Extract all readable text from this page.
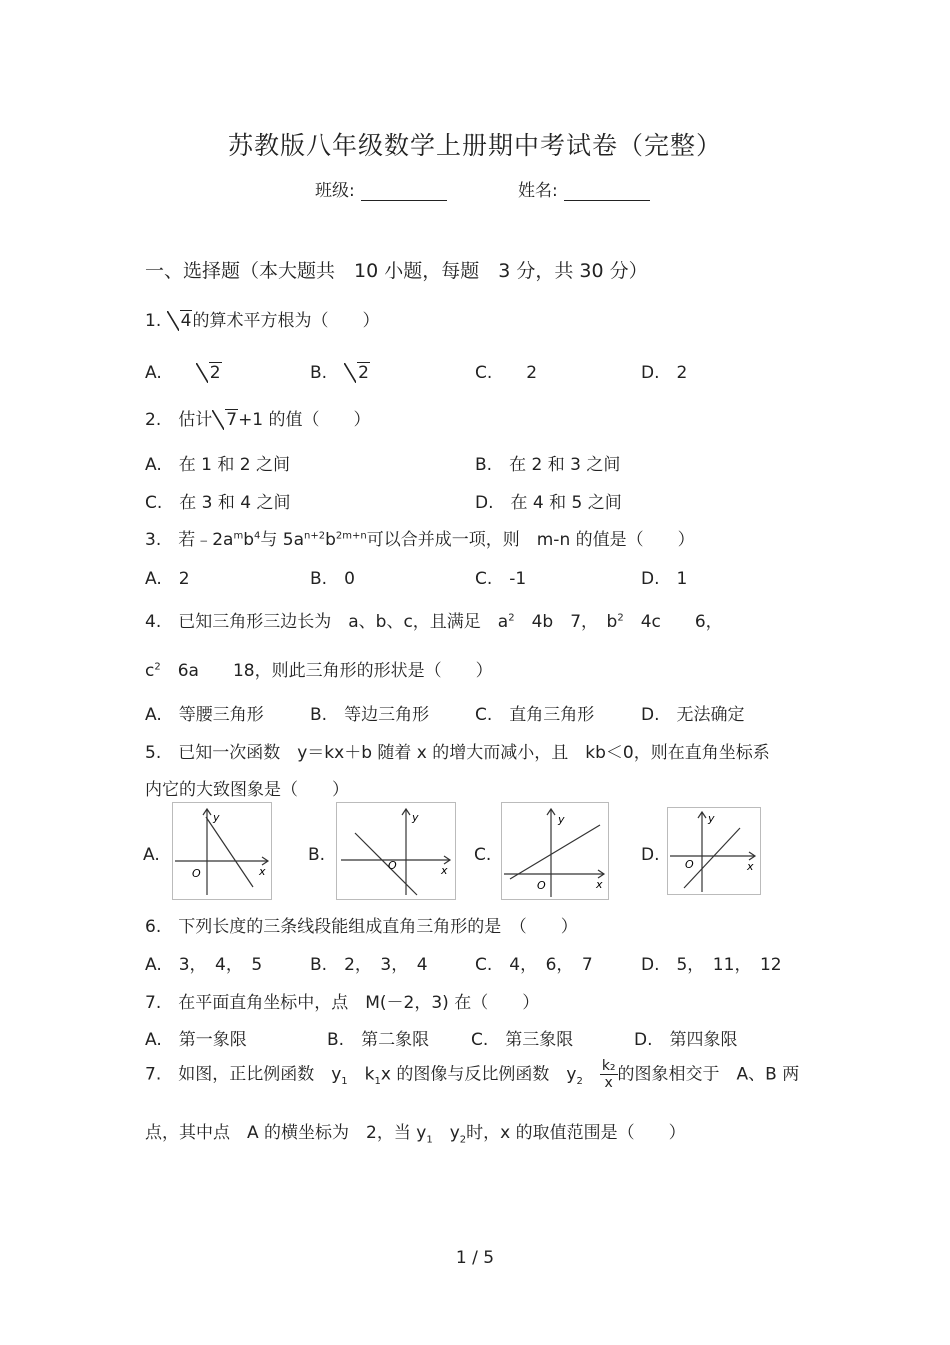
苏教版八年级数学上册期中考试卷（完整）
班级:	姓名:
一、选择题（本大题共　10 小题，每题　3 分，共 30 分）
1. 4的算术平方根为（　　）
A.　　	2	B.　 2	C.　　 2	D.　 2
2.　 估计 7+1 的值（　　）
A.　在 1 和 2 之间	B.　在 2 和 3 之间
C.　在 3 和 4 之间	D.　在 4 和 5 之间
3.　 若$﹣2a^mb^4$与 $5a^{n+2}b^{2m+n}$可以合并成一项，则　m-n 的值是（　　）
A.　2	B.　0	C.　-1	D.　1
4.　 已知三角形三边长为　a、b、c，且满足　 $a^2$　4b　7，　 $b^2$　4c　　6，
$c^2$　6a　　18，则此三角形的形状是（　　）
A.　等腰三角形	B.　等边三角形	C.　直角三角形	D.　无法确定
5.　 已知一次函数　y＝kx＋b 随着 x 的增大而减小，且　kb＜0，则在直角坐标系
内它的大致图象是（　　）
A.
y
x
O
B.
y
x
O
C.
y
x
O
D.
y
x
O
6.　 下列长度的三条线段能组成直角三角形的是　（　　）
A.　3，　4，　5	B.　2，　3，　4	C.　4，　6，　7	D.　5，　11，　12
7.　 在平面直角坐标中，点　M(－2，3) 在（　　）
A.　第一象限	B.　第二象限 C.　第三象限	D.　第四象限
7.　 如图，正比例函数　$y_1$　$k_1x$ 的图像与反比例函数　$y_2$　 $\frac{\text{k₂}}{x}$ 的图象相交于　A、B 两
点，其中点　A 的横坐标为　2，当 $y_1$　$y_2$时，x 的取值范围是（　　）
1 / 5
